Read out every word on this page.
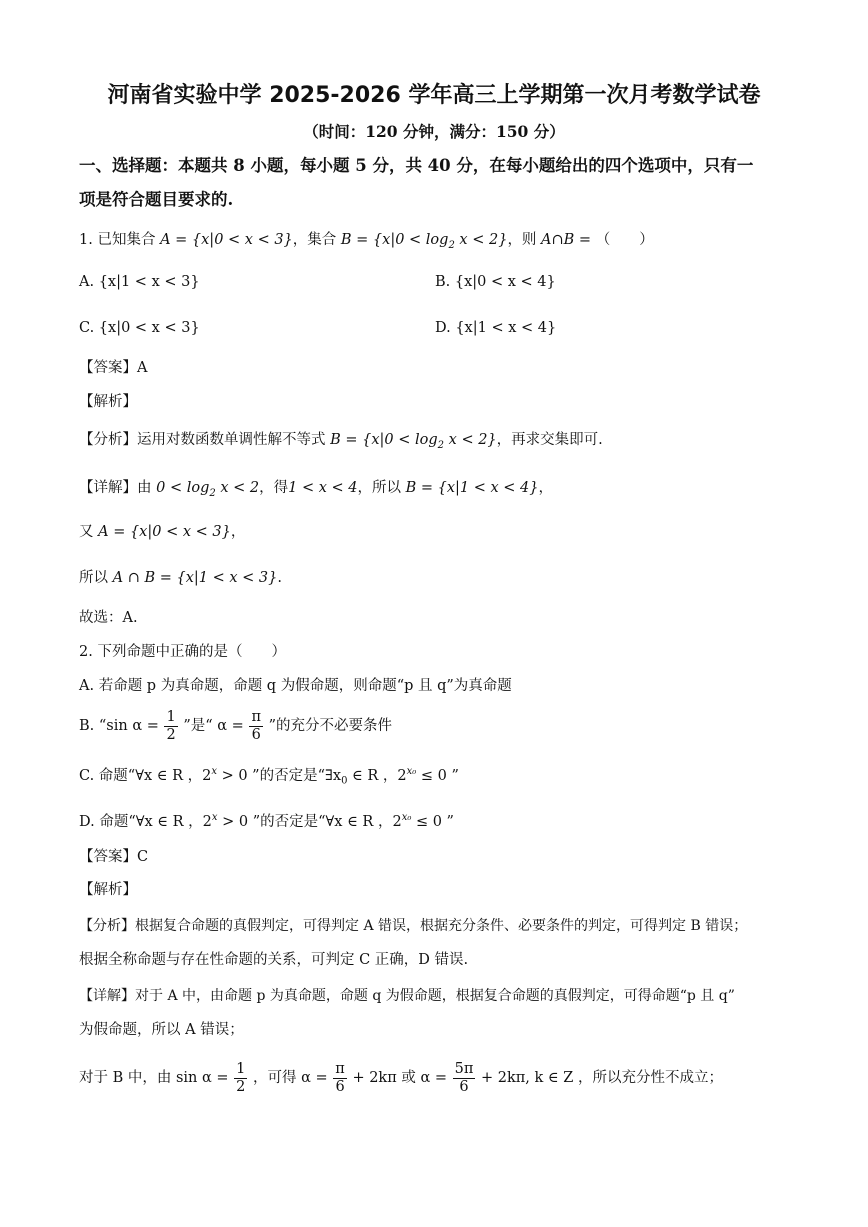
河南省实验中学 2025-2026 学年高三上学期第一次月考数学试卷
（时间：120 分钟，满分：150 分）
一、选择题：本题共 8 小题，每小题 5 分，共 40 分，在每小题给出的四个选项中，只有一
项是符合题目要求的.
1. 已知集合 A = {x|0 < x < 3}，集合 $B = \{x|0 < \log_2 x < 2\}$，则 A∩B = （　　）
A. {x|1 < x < 3}	B. {x|0 < x < 4}
C. {x|0 < x < 3}	D. {x|1 < x < 4}
【答案】A
【解析】
【分析】运用对数函数单调性解不等式 $B = \{x|0 < \log_2 x < 2\}$，再求交集即可.
【详解】由 $0 < \log_2 x < 2$，得1 < x < 4，所以 B = {x|1 < x < 4}，
又 A = {x|0 < x < 3}，
所以 A ∩ B = {x|1 < x < 3}.
故选：A.
2. 下列命题中正确的是（　　）
A. 若命题 p 为真命题，命题 q 为假命题，则命题“p 且 q”为真命题
B. “sin $\alpha = \frac{1}{2}$ ”是“ $\alpha = \frac{\pi}{6}$ ”的充分不必要条件
C. 命题“∀x ∈ R ，$2^x > 0$ ”的否定是“$\exists x_0$ ∈ R ，$2^{x_0} \le 0$ ”
D. 命题“∀x ∈ R ，$2^x > 0$ ”的否定是“∀x ∈ R ，$2^{x_0} \le 0$ ”
【答案】C
【解析】
【分析】根据复合命题的真假判定，可得判定 A 错误，根据充分条件、必要条件的判定，可得判定 B 错误；
根据全称命题与存在性命题的关系，可判定 C 正确，D 错误.
【详解】对于 A 中，由命题 p 为真命题，命题 q 为假命题，根据复合命题的真假判定，可得命题“p 且 q”
为假命题，所以 A 错误；
对于 B 中，由 $\sin \alpha = \frac{1}{2}$ ，可得 $\alpha = \frac{\pi}{6} + 2k\pi$ 或 $\alpha = \frac{5\pi}{6} + 2k\pi$, k ∈ Z ，所以充分性不成立；
